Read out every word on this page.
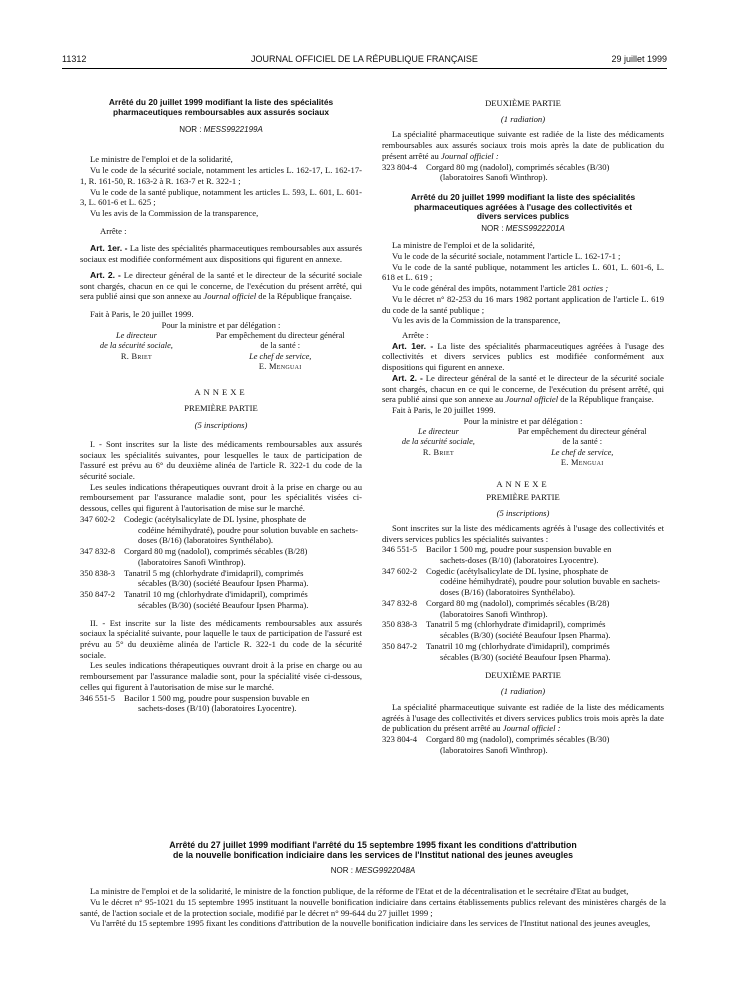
11312	JOURNAL OFFICIEL DE LA RÉPUBLIQUE FRANÇAISE	29 juillet 1999
Arrêté du 20 juillet 1999 modifiant la liste des spécialités
pharmaceutiques remboursables aux assurés sociaux
NOR : MESS9922199A

Le ministre de l'emploi et de la solidarité,

Vu le code de la sécurité sociale, notamment les articles L. 162-17, L. 162-17-1, R. 161-50, R. 163-2 à R. 163-7 et R. 322-1 ;

Vu le code de la santé publique, notamment les articles L. 593, L. 601, L. 601-3, L. 601-6 et L. 625 ;

Vu les avis de la Commission de la transparence,

Arrête :

Art. 1er. - La liste des spécialités pharmaceutiques remboursables aux assurés sociaux est modifiée conformément aux dispositions qui figurent en annexe.

Art. 2. - Le directeur général de la santé et le directeur de la sécurité sociale sont chargés, chacun en ce qui le concerne, de l'exécution du présent arrêté, qui sera publié ainsi que son annexe au Journal officiel de la République française.

Fait à Paris, le 20 juillet 1999.

Pour la ministre et par délégation :

Le directeur
de la sécurité sociale,
R. Briet
Par empêchement du directeur général
de la santé :
Le chef de service,
E. Menguai
ANNEXE
PREMIÈRE PARTIE
(5 inscriptions)

I. - Sont inscrites sur la liste des médicaments remboursables aux assurés sociaux les spécialités suivantes, pour lesquelles le taux de participation de l'assuré est prévu au 6° du deuxième alinéa de l'article R. 322-1 du code de la sécurité sociale.

Les seules indications thérapeutiques ouvrant droit à la prise en charge ou au remboursement par l'assurance maladie sont, pour les spécialités visées ci-dessous, celles qui figurent à l'autorisation de mise sur le marché.

347 602-2	Codegic (acétylsalicylate de DL lysine, phosphate de
codéine hémihydraté), poudre pour solution buvable en sachets-doses (B/16) (laboratoires Synthélabo).
347 832-8	Corgard 80 mg (nadolol), comprimés sécables (B/28)
(laboratoires Sanofi Winthrop).
350 838-3	Tanatril 5 mg (chlorhydrate d'imidapril), comprimés
sécables (B/30) (société Beaufour Ipsen Pharma).
350 847-2	Tanatril 10 mg (chlorhydrate d'imidapril), comprimés
sécables (B/30) (société Beaufour Ipsen Pharma).

II. - Est inscrite sur la liste des médicaments remboursables aux assurés sociaux la spécialité suivante, pour laquelle le taux de participation de l'assuré est prévu au 5° du deuxième alinéa de l'article R. 322-1 du code de la sécurité sociale.

Les seules indications thérapeutiques ouvrant droit à la prise en charge ou au remboursement par l'assurance maladie sont, pour la spécialité visée ci-dessous, celles qui figurent à l'autorisation de mise sur le marché.

346 551-5	Bacilor 1 500 mg, poudre pour suspension buvable en
sachets-doses (B/10) (laboratoires Lyocentre).
DEUXIÈME PARTIE
(1 radiation)

La spécialité pharmaceutique suivante est radiée de la liste des médicaments remboursables aux assurés sociaux trois mois après la date de publication du présent arrêté au Journal officiel :

323 804-4	Corgard 80 mg (nadolol), comprimés sécables (B/30)
(laboratoires Sanofi Winthrop).
Arrêté du 20 juillet 1999 modifiant la liste des spécialités
pharmaceutiques agréées à l'usage des collectivités et
divers services publics
NOR : MESS9922201A

La ministre de l'emploi et de la solidarité,

Vu le code de la sécurité sociale, notamment l'article L. 162-17-1 ;

Vu le code de la santé publique, notamment les articles L. 601, L. 601-6, L. 618 et L. 619 ;

Vu le code général des impôts, notamment l'article 281 octies ;

Vu le décret n° 82-253 du 16 mars 1982 portant application de l'article L. 619 du code de la santé publique ;

Vu les avis de la Commission de la transparence,

Arrête :

Art. 1er. - La liste des spécialités pharmaceutiques agréées à l'usage des collectivités et divers services publics est modifiée conformément aux dispositions qui figurent en annexe.

Art. 2. - Le directeur général de la santé et le directeur de la sécurité sociale sont chargés, chacun en ce qui le concerne, de l'exécution du présent arrêté, qui sera publié ainsi que son annexe au Journal officiel de la République française.

Fait à Paris, le 20 juillet 1999.

Pour la ministre et par délégation :

Le directeur
de la sécurité sociale,
R. Briet
Par empêchement du directeur général
de la santé :
Le chef de service,
E. Menguai
ANNEXE
PREMIÈRE PARTIE
(5 inscriptions)

Sont inscrites sur la liste des médicaments agréés à l'usage des collectivités et divers services publics les spécialités suivantes :

346 551-5	Bacilor 1 500 mg, poudre pour suspension buvable en
sachets-doses (B/10) (laboratoires Lyocentre).
347 602-2	Cogedic (acétylsalicylate de DL lysine, phosphate de
codéine hémihydraté), poudre pour solution buvable en sachets-doses (B/16) (laboratoires Synthélabo).
347 832-8	Corgard 80 mg (nadolol), comprimés sécables (B/28)
(laboratoires Sanofi Winthrop).
350 838-3	Tanatril 5 mg (chlorhydrate d'imidapril), comprimés
sécables (B/30) (société Beaufour Ipsen Pharma).
350 847-2	Tanatril 10 mg (chlorhydrate d'imidapril), comprimés
sécables (B/30) (société Beaufour Ipsen Pharma).
DEUXIÈME PARTIE
(1 radiation)

La spécialité pharmaceutique suivante est radiée de la liste des médicaments agréés à l'usage des collectivités et divers services publics trois mois après la date de publication du présent arrêté au Journal officiel :

323 804-4	Corgard 80 mg (nadolol), comprimés sécables (B/30)
(laboratoires Sanofi Winthrop).
Arrêté du 27 juillet 1999 modifiant l'arrêté du 15 septembre 1995 fixant les conditions d'attribution
de la nouvelle bonification indiciaire dans les services de l'Institut national des jeunes aveugles
NOR : MESG9922048A

La ministre de l'emploi et de la solidarité, le ministre de la fonction publique, de la réforme de l'Etat et de la décentralisation et le secrétaire d'Etat au budget,

Vu le décret n° 95-1021 du 15 septembre 1995 instituant la nouvelle bonification indiciaire dans certains établissements publics relevant des ministères chargés de la santé, de l'action sociale et de la protection sociale, modifié par le décret n° 99-644 du 27 juillet 1999 ;

Vu l'arrêté du 15 septembre 1995 fixant les conditions d'attribution de la nouvelle bonification indiciaire dans les services de l'Institut national des jeunes aveugles,
